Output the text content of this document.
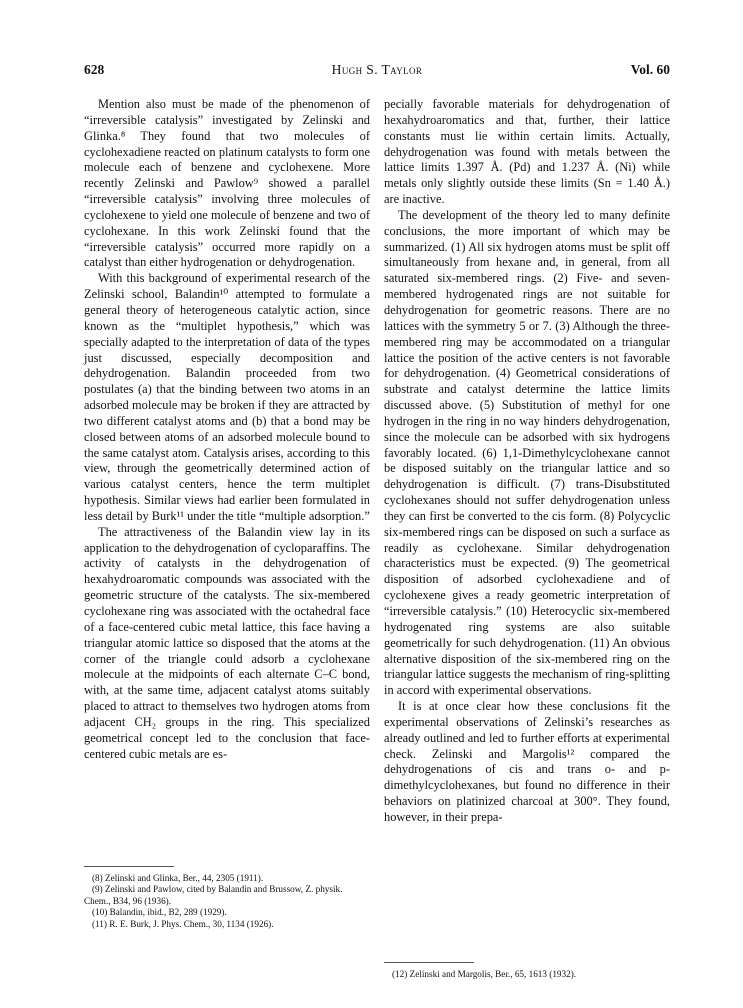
628	Hugh S. Taylor	Vol. 60

Mention also must be made of the phenomenon of “irreversible catalysis” investigated by Zelinski and Glinka.⁸ They found that two molecules of cyclohexadiene reacted on platinum catalysts to form one molecule each of benzene and cyclohexene. More recently Zelinski and Pawlow⁹ showed a parallel “irreversible catalysis” involving three molecules of cyclohexene to yield one molecule of benzene and two of cyclohexane. In this work Zelinski found that the “irreversible catalysis” occurred more rapidly on a catalyst than either hydrogenation or dehydrogenation.

With this background of experimental research of the Zelinski school, Balandin¹⁰ attempted to formulate a general theory of heterogeneous catalytic action, since known as the “multiplet hypothesis,” which was specially adapted to the interpretation of data of the types just discussed, especially decomposition and dehydrogenation. Balandin proceeded from two postulates (a) that the binding between two atoms in an adsorbed molecule may be broken if they are attracted by two different catalyst atoms and (b) that a bond may be closed between atoms of an adsorbed molecule bound to the same catalyst atom. Catalysis arises, according to this view, through the geometrically determined action of various catalyst centers, hence the term multiplet hypothesis. Similar views had earlier been formulated in less detail by Burk¹¹ under the title “multiple adsorption.”

The attractiveness of the Balandin view lay in its application to the dehydrogenation of cycloparaffins. The activity of catalysts in the dehydrogenation of hexahydroaromatic compounds was associated with the geometric structure of the catalysts. The six-membered cyclohexane ring was associated with the octahedral face of a face-centered cubic metal lattice, this face having a triangular atomic lattice so disposed that the atoms at the corner of the triangle could adsorb a cyclohexane molecule at the midpoints of each alternate C–C bond, with, at the same time, adjacent catalyst atoms suitably placed to attract to themselves two hydrogen atoms from adjacent CH₂ groups in the ring. This specialized geometrical concept led to the conclusion that face-centered cubic metals are es-

pecially favorable materials for dehydrogenation of hexahydroaromatics and that, further, their lattice constants must lie within certain limits. Actually, dehydrogenation was found with metals between the lattice limits 1.397 Å. (Pd) and 1.237 Å. (Ni) while metals only slightly outside these limits (Sn = 1.40 Å.) are inactive.

The development of the theory led to many definite conclusions, the more important of which may be summarized. (1) All six hydrogen atoms must be split off simultaneously from hexane and, in general, from all saturated six-membered rings. (2) Five- and seven-membered hydrogenated rings are not suitable for dehydrogenation for geometric reasons. There are no lattices with the symmetry 5 or 7. (3) Although the three-membered ring may be accommodated on a triangular lattice the position of the active centers is not favorable for dehydrogenation. (4) Geometrical considerations of substrate and catalyst determine the lattice limits discussed above. (5) Substitution of methyl for one hydrogen in the ring in no way hinders dehydrogenation, since the molecule can be adsorbed with six hydrogens favorably located. (6) 1,1-Dimethylcyclohexane cannot be disposed suitably on the triangular lattice and so dehydrogenation is difficult. (7) trans-Disubstituted cyclohexanes should not suffer dehydrogenation unless they can first be converted to the cis form. (8) Polycyclic six-membered rings can be disposed on such a surface as readily as cyclohexane. Similar dehydrogenation characteristics must be expected. (9) The geometrical disposition of adsorbed cyclohexadiene and of cyclohexene gives a ready geometric interpretation of “irreversible catalysis.” (10) Heterocyclic six-membered hydrogenated ring systems are also suitable geometrically for such dehydrogenation. (11) An obvious alternative disposition of the six-membered ring on the triangular lattice suggests the mechanism of ring-splitting in accord with experimental observations.

It is at once clear how these conclusions fit the experimental observations of Zelinski’s researches as already outlined and led to further efforts at experimental check. Zelinski and Margolis¹² compared the dehydrogenations of cis and trans o- and p-dimethylcyclohexanes, but found no difference in their behaviors on platinized charcoal at 300°. They found, however, in their prepa-

(8) Zelinski and Glinka, Ber., 44, 2305 (1911).
(9) Zelinski and Pawlow, cited by Balandin and Brussow, Z. physik. Chem., B34, 96 (1936).
(10) Balandin, ibid., B2, 289 (1929).
(11) R. E. Burk, J. Phys. Chem., 30, 1134 (1926).
(12) Zelinski and Margolis, Ber., 65, 1613 (1932).
